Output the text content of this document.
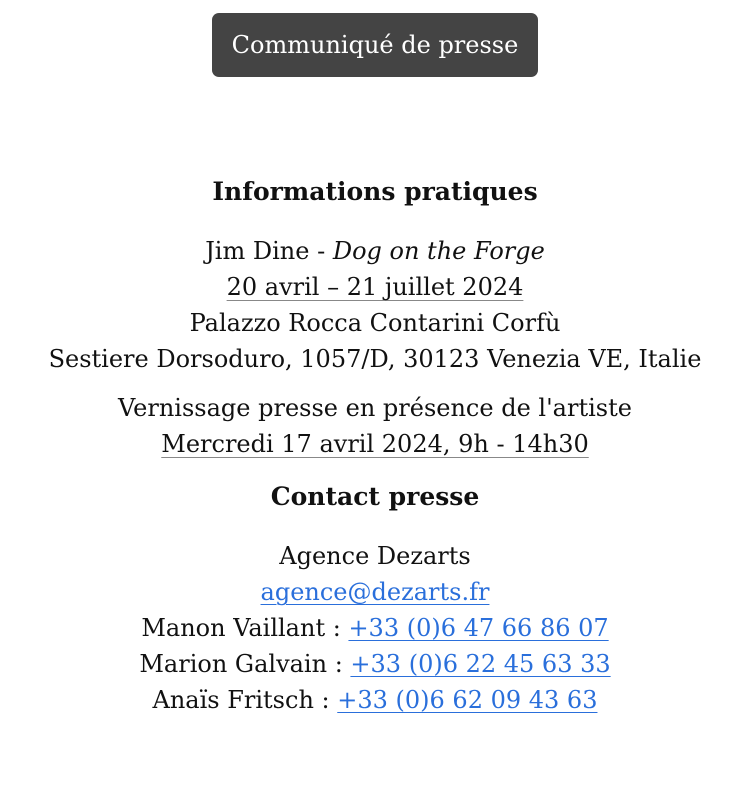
Communiqué de presse
Informations pratiques
Jim Dine - Dog on the Forge
20 avril – 21 juillet 2024
Palazzo Rocca Contarini Corfù
Sestiere Dorsoduro, 1057/D, 30123 Venezia VE, Italie
Vernissage presse en présence de l'artiste
Mercredi 17 avril 2024, 9h - 14h30
Contact presse
Agence Dezarts
agence@dezarts.fr
Manon Vaillant : +33 (0)6 47 66 86 07
Marion Galvain : +33 (0)6 22 45 63 33
Anaïs Fritsch : +33 (0)6 62 09 43 63
